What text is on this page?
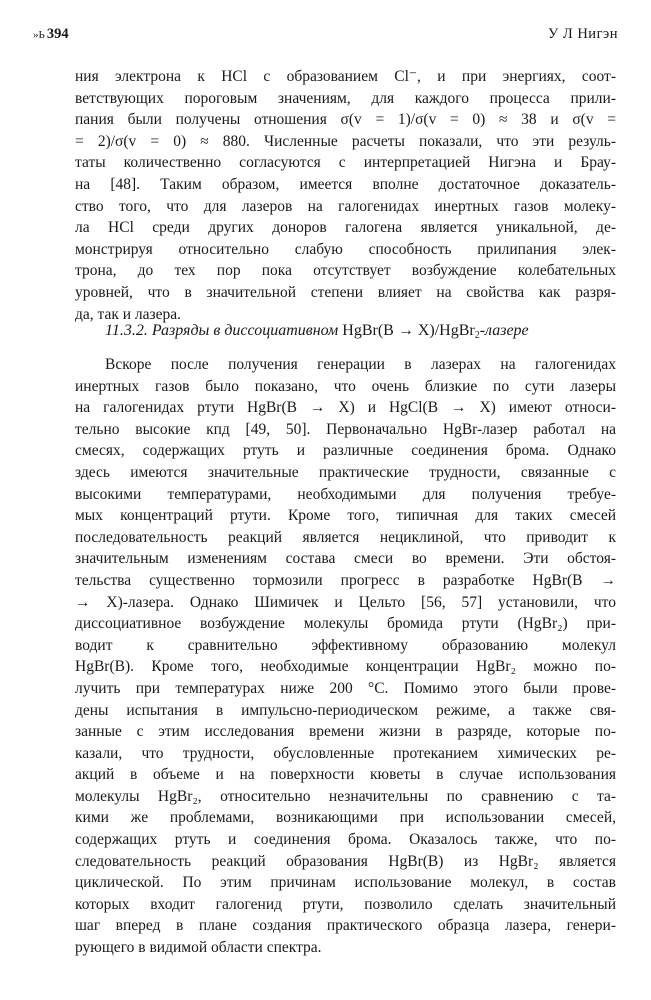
»Ь 394	У Л Нигэн
ния электрона к HCl с образованием Cl⁻, и при энергиях, соот-
ветствующих пороговым значениям, для каждого процесса прили-
пания были получены отношения σ(v = 1)/σ(v = 0) ≈ 38 и σ(v =
= 2)/σ(v = 0) ≈ 880. Численные расчеты показали, что эти резуль-
таты количественно согласуются с интерпретацией Нигэна и Брау-
на [48]. Таким образом, имеется вполне достаточное доказатель-
ство того, что для лазеров на галогенидах инертных газов молеку-
ла HCl среди других доноров галогена является уникальной, де-
монстрируя относительно слабую способность прилипания элек-
трона, до тех пор пока отсутствует возбуждение колебательных
уровней, что в значительной степени влияет на свойства как разря-
да, так и лазера.
11.3.2. Разряды в диссоциативном HgBr(B → X)/HgBr$_2$-лазере
Вскоре после получения генерации в лазерах на галогенидах
инертных газов было показано, что очень близкие по сути лазеры
на галогенидах ртути HgBr(B → X) и HgCl(B → X) имеют относи-
тельно высокие кпд [49, 50]. Первоначально HgBr-лазер работал на
смесях, содержащих ртуть и различные соединения брома. Однако
здесь имеются значительные практические трудности, связанные с
высокими температурами, необходимыми для получения требуе-
мых концентраций ртути. Кроме того, типичная для таких смесей
последовательность реакций является нециклиной, что приводит к
значительным изменениям состава смеси во времени. Эти обстоя-
тельства существенно тормозили прогресс в разработке HgBr(B →
→ X)-лазера. Однако Шимичек и Цельто [56, 57] установили, что
диссоциативное возбуждение молекулы бромида ртути (HgBr₂) при-
водит к сравнительно эффективному образованию молекул
HgBr(B). Кроме того, необходимые концентрации HgBr₂ можно по-
лучить при температурах ниже 200 °C. Помимо этого были прове-
дены испытания в импульсно-периодическом режиме, а также свя-
занные с этим исследования времени жизни в разряде, которые по-
казали, что трудности, обусловленные протеканием химических ре-
акций в объеме и на поверхности кюветы в случае использования
молекулы HgBr₂, относительно незначительны по сравнению с та-
кими же проблемами, возникающими при использовании смесей,
содержащих ртуть и соединения брома. Оказалось также, что по-
следовательность реакций образования HgBr(B) из HgBr₂ является
циклической. По этим причинам использование молекул, в состав
которых входит галогенид ртути, позволило сделать значительный
шаг вперед в плане создания практического образца лазера, генери-
рующего в видимой области спектра.
